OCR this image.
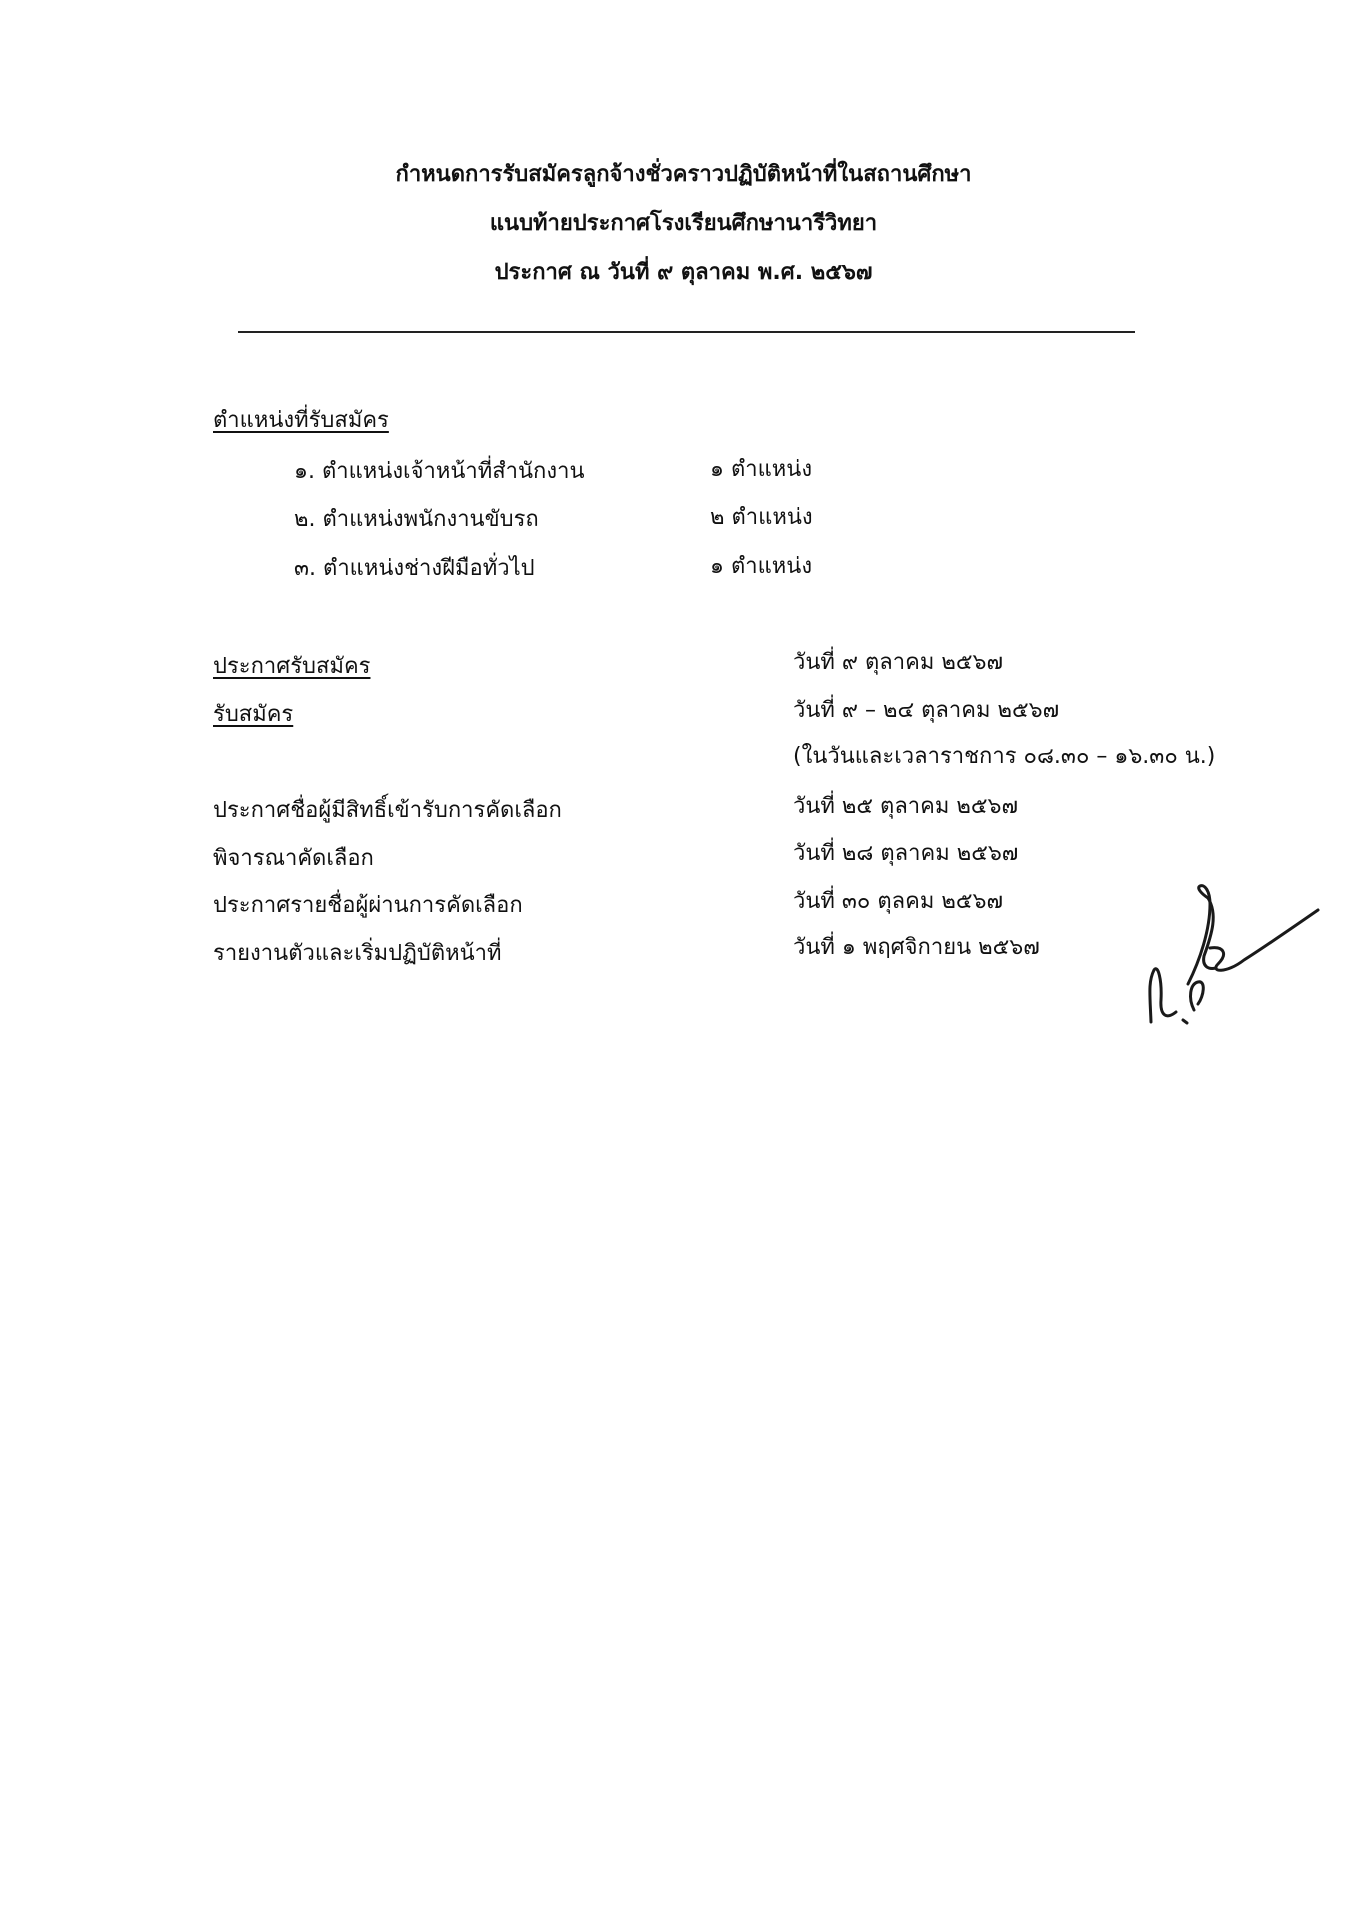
กำหนดการรับสมัครลูกจ้างชั่วคราวปฏิบัติหน้าที่ในสถานศึกษา
แนบท้ายประกาศโรงเรียนศึกษานารีวิทยา
ประกาศ ณ วันที่ ๙ ตุลาคม พ.ศ. ๒๕๖๗
ตำแหน่งที่รับสมัคร
๑. ตำแหน่งเจ้าหน้าที่สำนักงาน	๑ ตำแหน่ง
๒. ตำแหน่งพนักงานขับรถ	๒ ตำแหน่ง
๓. ตำแหน่งช่างฝีมือทั่วไป	๑ ตำแหน่ง
ประกาศรับสมัคร	วันที่ ๙ ตุลาคม ๒๕๖๗
รับสมัคร	วันที่ ๙ – ๒๔ ตุลาคม ๒๕๖๗
(ในวันและเวลาราชการ ๐๘.๓๐ – ๑๖.๓๐ น.)
ประกาศชื่อผู้มีสิทธิ์เข้ารับการคัดเลือก	วันที่ ๒๕ ตุลาคม ๒๕๖๗
พิจารณาคัดเลือก	วันที่ ๒๘ ตุลาคม ๒๕๖๗
ประกาศรายชื่อผู้ผ่านการคัดเลือก	วันที่ ๓๐ ตุลคม ๒๕๖๗
รายงานตัวและเริ่มปฏิบัติหน้าที่	วันที่ ๑ พฤศจิกายน ๒๕๖๗
